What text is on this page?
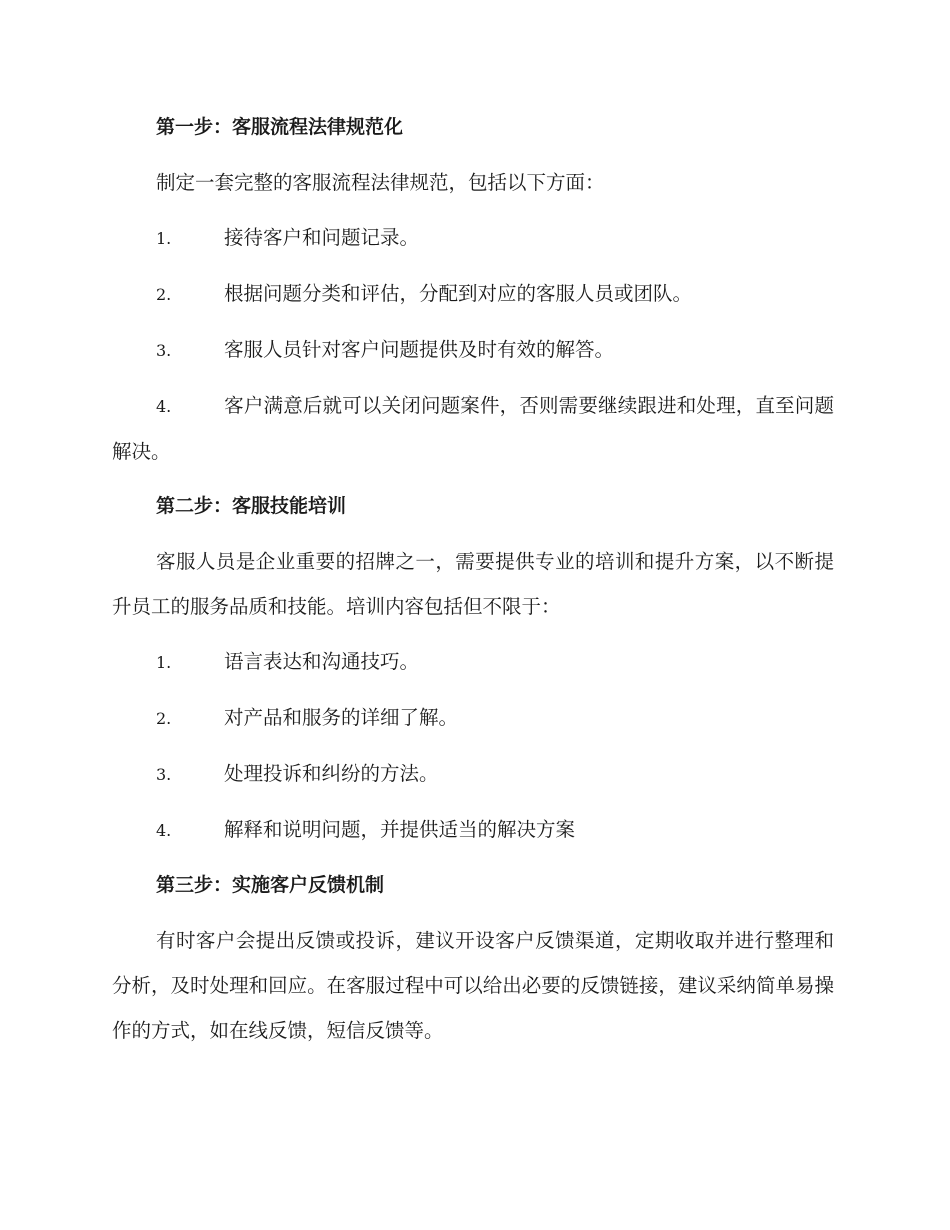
第一步：客服流程法律规范化
制定一套完整的客服流程法律规范，包括以下方面：
1.	接待客户和问题记录。
2.	根据问题分类和评估，分配到对应的客服人员或团队。
3.	客服人员针对客户问题提供及时有效的解答。
4.	客户满意后就可以关闭问题案件，否则需要继续跟进和处理，直至问题解决。
第二步：客服技能培训
客服人员是企业重要的招牌之一，需要提供专业的培训和提升方案，以不断提升员工的服务品质和技能。培训内容包括但不限于：
1.	语言表达和沟通技巧。
2.	对产品和服务的详细了解。
3.	处理投诉和纠纷的方法。
4.	解释和说明问题，并提供适当的解决方案
第三步：实施客户反馈机制
有时客户会提出反馈或投诉，建议开设客户反馈渠道，定期收取并进行整理和分析，及时处理和回应。在客服过程中可以给出必要的反馈链接，建议采纳简单易操作的方式，如在线反馈，短信反馈等。
